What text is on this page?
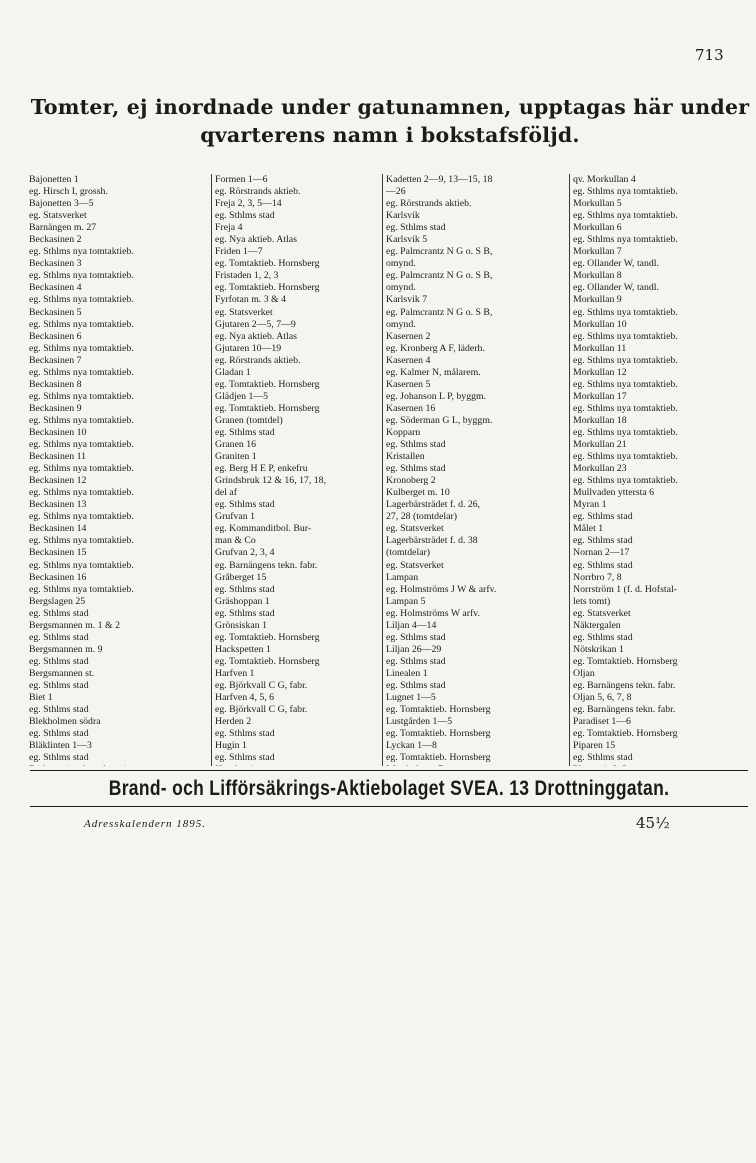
713
Tomter, ej inordnade under gatunamnen, upptagas här under
qvarterens namn i bokstafsföljd.
Bajonetten 1
eg. Hirsch I, grossh.
Bajonetten 3—5
eg. Statsverket
Barnängen m. 27
Beckasinen 2
eg. Sthlms nya tomtaktieb.
Beckasinen 3
eg. Sthlms nya tomtaktieb.
Beckasinen 4
eg. Sthlms nya tomtaktieb.
Beckasinen 5
eg. Sthlms nya tomtaktieb.
Beckasinen 6
eg. Sthlms nya tomtaktieb.
Beckasinen 7
eg. Sthlms nya tomtaktieb.
Beckasinen 8
eg. Sthlms nya tomtaktieb.
Beckasinen 9
eg. Sthlms nya tomtaktieb.
Beckasinen 10
eg. Sthlms nya tomtaktieb.
Beckasinen 11
eg. Sthlms nya tomtaktieb.
Beckasinen 12
eg. Sthlms nya tomtaktieb.
Beckasinen 13
eg. Sthlms nya tomtaktieb.
Beckasinen 14
eg. Sthlms nya tomtaktieb.
Beckasinen 15
eg. Sthlms nya tomtaktieb.
Beckasinen 16
eg. Sthlms nya tomtaktieb.
Bergslagen 25
eg. Sthlms stad
Bergsmannen m. 1 & 2
eg. Sthlms stad
Bergsmannen m. 9
eg. Sthlms stad
Bergsmannen st.
eg. Sthlms stad
Biet 1
eg. Sthlms stad
Blekholmen södra
eg. Sthlms stad
Bläklinten 1—3
eg. Sthlms stad
Formen 1—6
eg. Rörstrands aktieb.
Freja 2, 3, 5—14
eg. Sthlms stad
Freja 4
eg. Nya aktieb. Atlas
Friden 1—7
eg. Tomtaktieb. Hornsberg
Fristaden 1, 2, 3
eg. Tomtaktieb. Hornsberg
Fyrfotan m. 3 & 4
eg. Statsverket
Gjutaren 2—5, 7—9
eg. Nya aktieb. Atlas
Gjutaren 10—19
eg. Rörstrands aktieb.
Gladan 1
eg. Tomtaktieb. Hornsberg
Glädjen 1—5
eg. Tomtaktieb. Hornsberg
Granen (tomtdel)
eg. Sthlms stad
Granen 16
Graniten 1
eg. Berg H E P, enkefru
Grindsbruk 12 & 16, 17, 18,
del af
eg. Sthlms stad
Grufvan 1
eg. Kommanditbol. Bur-
man & Co
Grufvan 2, 3, 4
eg. Barnängens tekn. fabr.
Gråberget 15
eg. Sthlms stad
Gräshoppan 1
eg. Sthlms stad
Grönsiskan 1
eg. Tomtaktieb. Hornsberg
Hackspetten 1
eg. Tomtaktieb. Hornsberg
Harfven 1
eg. Björkvall C G, fabr.
Harfven 4, 5, 6
eg. Björkvall C G, fabr.
Herden 2
eg. Sthlms stad
Hugin 1
eg. Sthlms stad
Kadetten 2—9, 13—15, 18
—26
eg. Rörstrands aktieb.
Karlsvik
eg. Sthlms stad
Karlsvik 5
eg. Palmcrantz N G o. S B,
omynd.
eg. Palmcrantz N G o. S B,
omynd.
Karlsvik 7
eg. Palmcrantz N G o. S B,
omynd.
Kasernen 2
eg. Kronberg A F, läderh.
Kasernen 4
eg. Kalmer N, målarem.
Kasernen 5
eg. Johanson L P, byggm.
Kasernen 16
eg. Söderman G L, byggm.
Kopparn
eg. Sthlms stad
Kristallen
eg. Sthlms stad
Kronoberg 2
Kulberget m. 10
Lagerbärsträdet f. d. 26,
27, 28 (tomtdelar)
eg. Statsverket
Lagerbärsträdet f. d. 38
(tomtdelar)
eg. Statsverket
Lampan
eg. Holmströms J W & arfv.
Lampan 5
eg. Holmströms W arfv.
Liljan 4—14
eg. Sthlms stad
Liljan 26—29
eg. Sthlms stad
Linealen 1
eg. Sthlms stad
Lugnet 1—5
eg. Tomtaktieb. Hornsberg
Lustgården 1—5
eg. Tomtaktieb. Hornsberg
Lyckan 1—8
eg. Tomtaktieb. Hornsberg
qv. Morkullan 4
eg. Sthlms nya tomtaktieb.
Morkullan 5
eg. Sthlms nya tomtaktieb.
Morkullan 6
eg. Sthlms nya tomtaktieb.
Morkullan 7
eg. Ollander W, tandl.
Morkullan 8
eg. Ollander W, tandl.
Morkullan 9
eg. Sthlms nya tomtaktieb.
Morkullan 10
eg. Sthlms nya tomtaktieb.
Morkullan 11
eg. Sthlms nya tomtaktieb.
Morkullan 12
eg. Sthlms nya tomtaktieb.
Morkullan 17
eg. Sthlms nya tomtaktieb.
Morkullan 18
eg. Sthlms nya tomtaktieb.
Morkullan 21
eg. Sthlms nya tomtaktieb.
Morkullan 23
eg. Sthlms nya tomtaktieb.
Mullvaden yttersta 6
Myran 1
eg. Sthlms stad
Målet 1
eg. Sthlms stad
Nornan 2—17
eg. Sthlms stad
Norrbro 7, 8
Norrström 1 (f. d. Hofstal-
lets tomt)
eg. Statsverket
Näktergalen
eg. Sthlms stad
Nötskrikan 1
eg. Tomtaktieb. Hornsberg
Oljan
eg. Barnängens tekn. fabr.
Oljan 5, 6, 7, 8
eg. Barnängens tekn. fabr.
Paradiset 1—6
eg. Tomtaktieb. Hornsberg
Piparen 15
eg. Sthlms stad
Brand- och Lifförsäkrings-Aktiebolaget SVEA. 13 Drottninggatan.
Adresskalendern 1895.	45½
